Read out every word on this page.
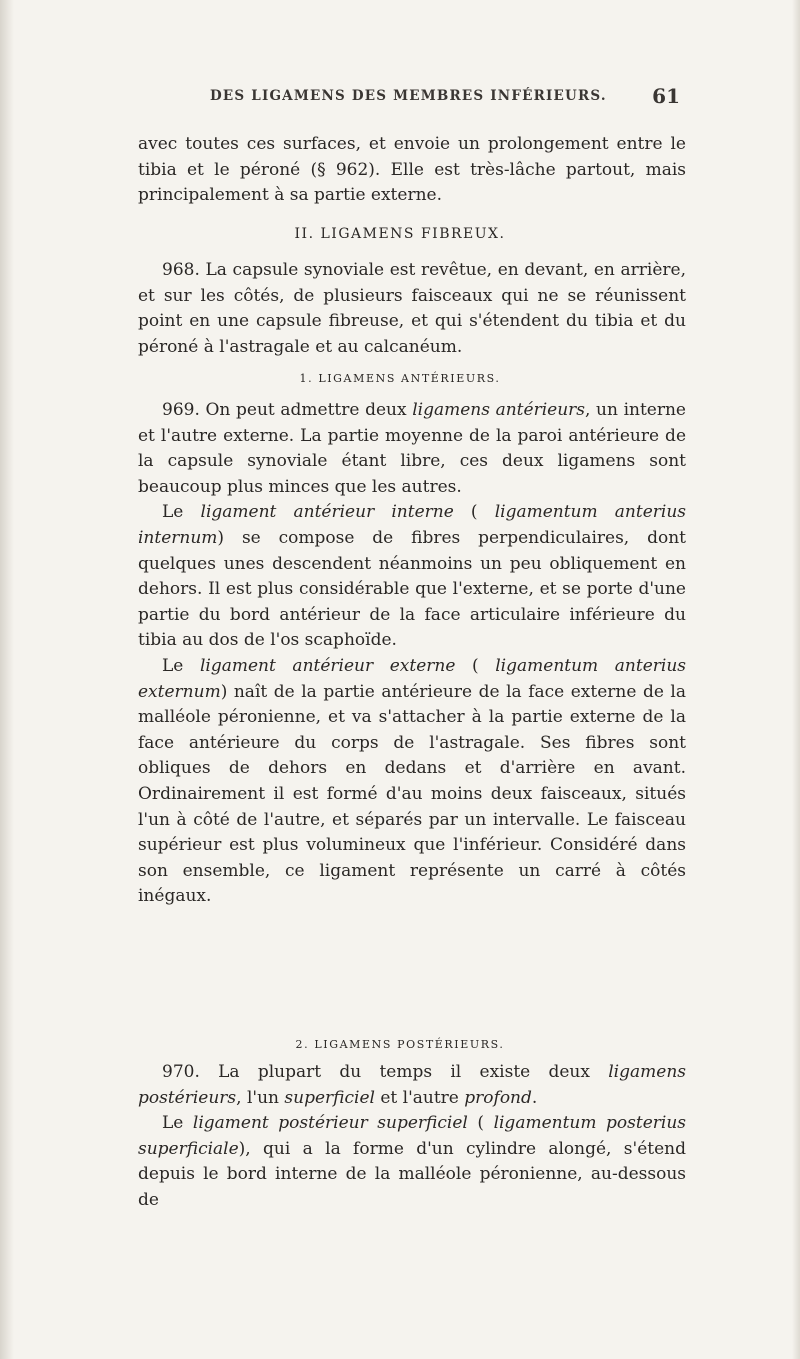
DES LIGAMENS DES MEMBRES INFÉRIEURS. 61

avec toutes ces surfaces, et envoie un prolongement entre le tibia et le péroné (§ 962). Elle est très-lâche partout, mais principalement à sa partie externe.

II. LIGAMENS FIBREUX.

968. La capsule synoviale est revêtue, en devant, en arrière, et sur les côtés, de plusieurs faisceaux qui ne se réunissent point en une capsule fibreuse, et qui s'étendent du tibia et du péroné à l'astragale et au calcanéum.

1. LIGAMENS ANTÉRIEURS.

969. On peut admettre deux ligamens antérieurs, un interne et l'autre externe. La partie moyenne de la paroi antérieure de la capsule synoviale étant libre, ces deux ligamens sont beaucoup plus minces que les autres.

Le ligament antérieur interne ( ligamentum anterius internum) se compose de fibres perpendiculaires, dont quelques unes descendent néanmoins un peu obliquement en dehors. Il est plus considérable que l'externe, et se porte d'une partie du bord antérieur de la face articulaire inférieure du tibia au dos de l'os scaphoïde.

Le ligament antérieur externe ( ligamentum anterius externum) naît de la partie antérieure de la face externe de la malléole péronienne, et va s'attacher à la partie externe de la face antérieure du corps de l'astragale. Ses fibres sont obliques de dehors en dedans et d'arrière en avant. Ordinairement il est formé d'au moins deux faisceaux, situés l'un à côté de l'autre, et séparés par un intervalle. Le faisceau supérieur est plus volumineux que l'inférieur. Considéré dans son ensemble, ce ligament représente un carré à côtés inégaux.

2. LIGAMENS POSTÉRIEURS.

970. La plupart du temps il existe deux ligamens postérieurs, l'un superficiel et l'autre profond.

Le ligament postérieur superficiel ( ligamentum posterius superficiale), qui a la forme d'un cylindre alongé, s'étend depuis le bord interne de la malléole péronienne, au-dessous de
